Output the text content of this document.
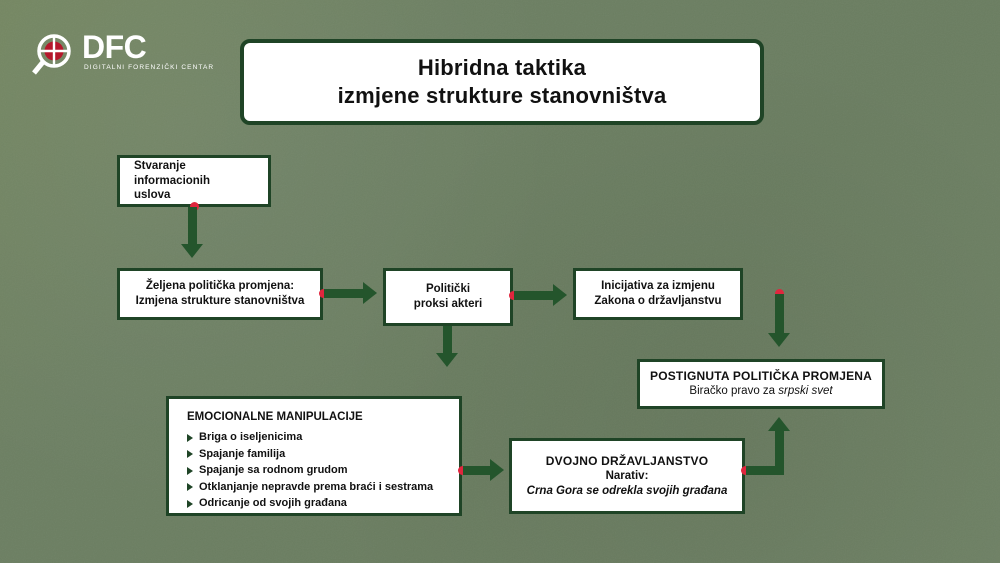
DFC
DIGITALNI FORENZIČKI CENTAR	Hibridna taktika
izmjene strukture stanovništva
Stvaranje informacionih
uslova
Željena politička promjena:
Izmjena strukture stanovništva
Politički
proksi akteri
Inicijativa za izmjenu
Zakona o državljanstvu
POSTIGNUTA POLITIČKA PROMJENA
Biračko pravo za srpski svet
EMOCIONALNE MANIPULACIJE
Briga o iseljenicima
Spajanje familija
Spajanje sa rodnom grudom
Otklanjanje nepravde prema braći i sestrama
Odricanje od svojih građana
DVOJNO DRŽAVLJANSTVO
Narativ:
Crna Gora se odrekla svojih građana
